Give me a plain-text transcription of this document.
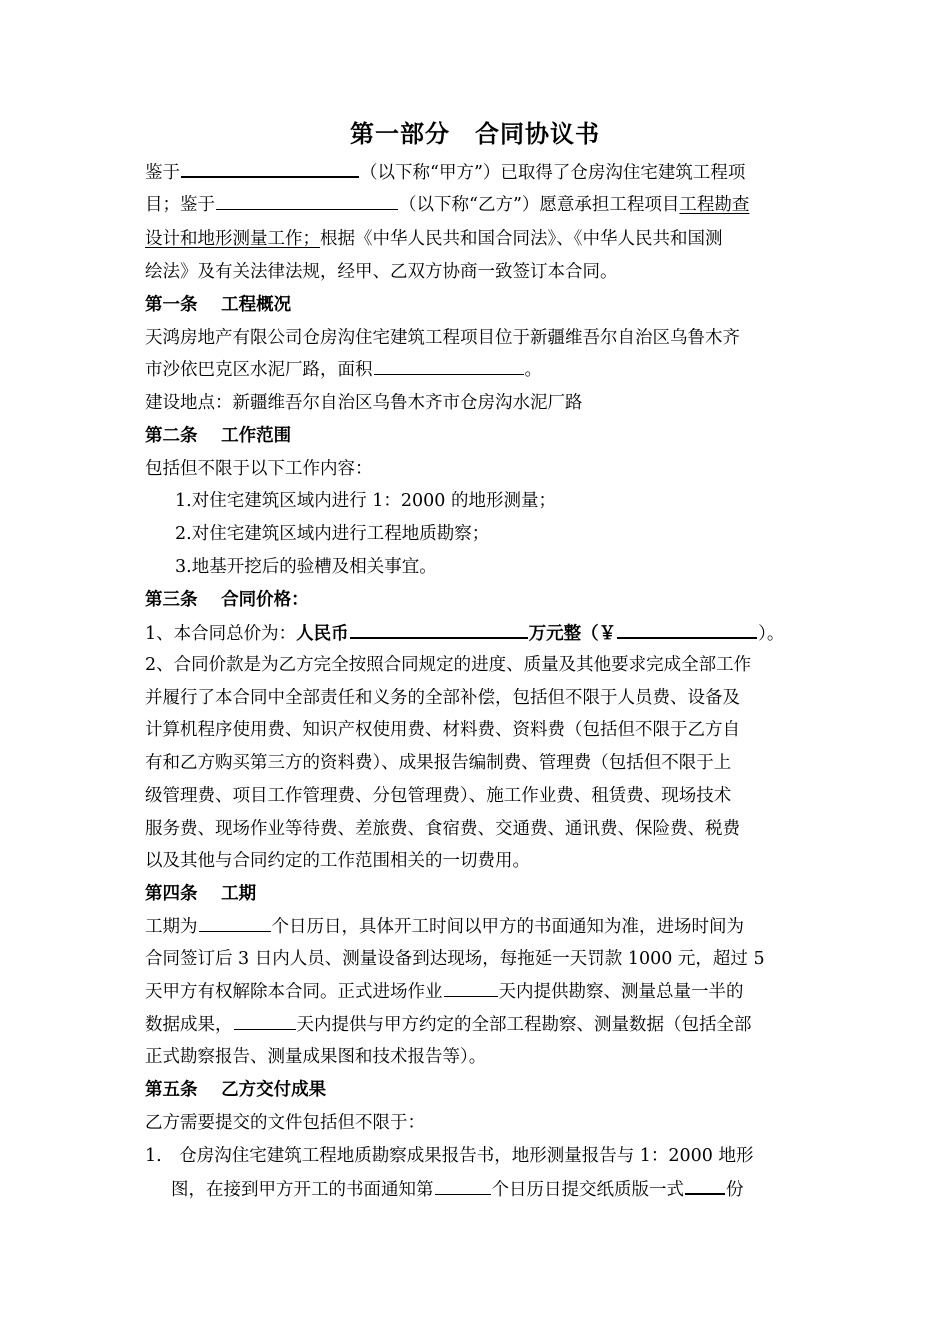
第一部分　合同协议书
鉴于	（以下称“甲方”）已取得了仓房沟住宅建筑工程项
目；鉴于	（以下称“乙方”）愿意承担工程项目工程勘查
设计和地形测量工作；根据《中华人民共和国合同法》、《中华人民共和国测
绘法》及有关法律法规，经甲、乙双方协商一致签订本合同。
第一条　 工程概况
天鸿房地产有限公司仓房沟住宅建筑工程项目位于新疆维吾尔自治区乌鲁木齐
市沙依巴克区水泥厂路，面积	。
建设地点：新疆维吾尔自治区乌鲁木齐市仓房沟水泥厂路
第二条　 工作范围
包括但不限于以下工作内容：
1.对住宅建筑区域内进行 1：2000 的地形测量；
2.对住宅建筑区域内进行工程地质勘察；
3.地基开挖后的验槽及相关事宜。
第三条　 合同价格：
1、本合同总价为：人民币	万元整（￥	）。
2、合同价款是为乙方完全按照合同规定的进度、质量及其他要求完成全部工作
并履行了本合同中全部责任和义务的全部补偿，包括但不限于人员费、设备及
计算机程序使用费、知识产权使用费、材料费、资料费（包括但不限于乙方自
有和乙方购买第三方的资料费）、成果报告编制费、管理费（包括但不限于上
级管理费、项目工作管理费、分包管理费）、施工作业费、租赁费、现场技术
服务费、现场作业等待费、差旅费、食宿费、交通费、通讯费、保险费、税费
以及其他与合同约定的工作范围相关的一切费用。
第四条　 工期
工期为	个日历日，具体开工时间以甲方的书面通知为准，进场时间为
合同签订后 3 日内人员、测量设备到达现场，每拖延一天罚款 1000 元，超过 5
天甲方有权解除本合同。正式进场作业	天内提供勘察、测量总量一半的
数据成果，	天内提供与甲方约定的全部工程勘察、测量数据（包括全部
正式勘察报告、测量成果图和技术报告等）。
第五条　 乙方交付成果
乙方需要提交的文件包括但不限于：
1.　仓房沟住宅建筑工程地质勘察成果报告书，地形测量报告与 1：2000 地形
图，在接到甲方开工的书面通知第	个日历日提交纸质版一式 份
